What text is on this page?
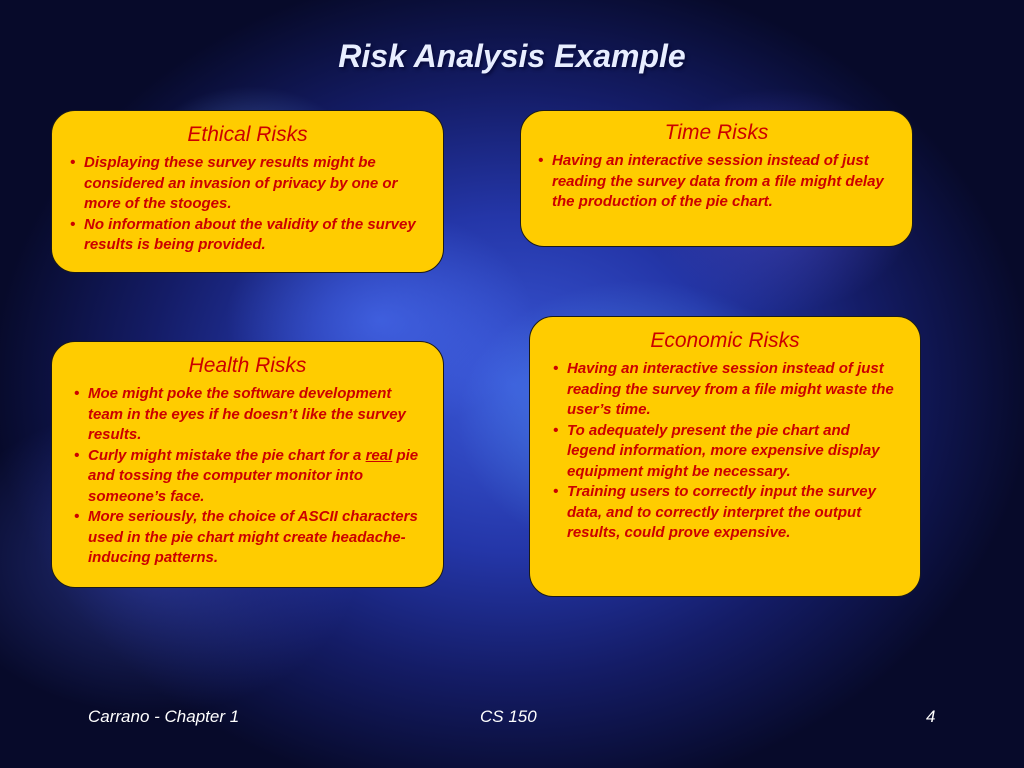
Risk Analysis Example
Ethical Risks
• Displaying these survey results might be considered an invasion of privacy by one or more of the stooges.
• No information about the validity of the survey results is being provided.
Time Risks
• Having an interactive session instead of just reading the survey data from a file might delay the production of the pie chart.
Health Risks
• Moe might poke the software development team in the eyes if he doesn’t like the survey results.
• Curly might mistake the pie chart for a real pie and tossing the computer monitor into someone’s face.
• More seriously, the choice of ASCII characters used in the pie chart might create headache-inducing patterns.
Economic Risks
• Having an interactive session instead of just reading the survey from a file might waste the user’s time.
• To adequately present the pie chart and legend information, more expensive display equipment might be necessary.
• Training users to correctly input the survey data, and to correctly interpret the output results, could prove expensive.
Carrano - Chapter 1	CS 150	4
